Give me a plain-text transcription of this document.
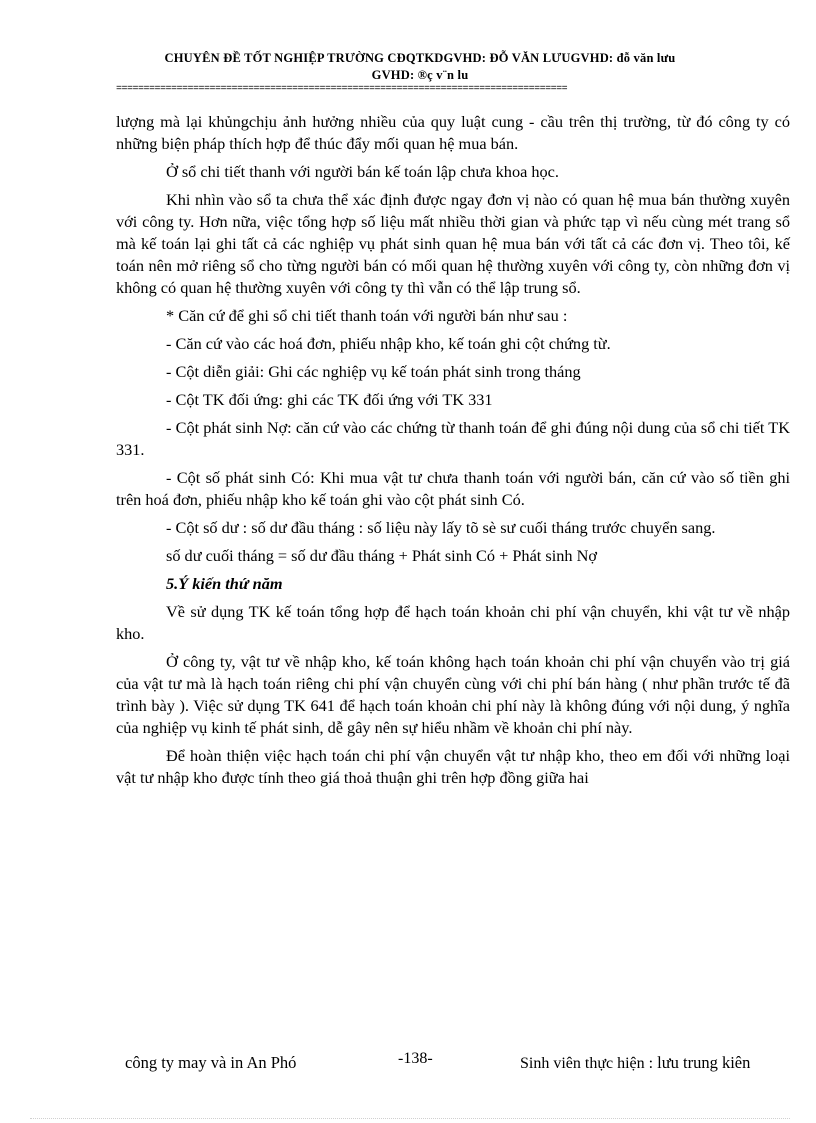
CHUYÊN ĐỀ TỐT NGHIỆP TRƯỜNG CĐQTKDGVHD: ĐỖ VĂN LƯUGVHD: đỗ văn lưu
GVHD: ®ç v¨n lu
==================================================================================

lượng mà lại khủngchịu ảnh hưởng nhiều của quy luật cung - cầu trên thị trường, từ đó công ty có những biện pháp thích hợp để thúc đẩy mối quan hệ mua bán.

Ở sổ chi tiết thanh với người bán kế toán lập chưa khoa học.

Khi nhìn vào sổ ta chưa thể xác định được ngay đơn vị nào có quan hệ mua bán thường xuyên với công ty. Hơn nữa, việc tổng hợp số liệu mất nhiều thời gian và phức tạp vì nếu cùng mét trang sổ mà kế toán lại ghi tất cả các nghiệp vụ phát sinh quan hệ mua bán với tất cả các đơn vị. Theo tôi, kế toán nên mở riêng sổ cho từng người bán có mối quan hệ thường xuyên với công ty, còn những đơn vị không có quan hệ thường xuyên với công ty thì vẫn có thể lập trung sổ.

* Căn cứ để ghi sổ chi tiết thanh toán với người bán như sau :

- Căn cứ vào các hoá đơn, phiếu nhập kho, kế toán ghi cột chứng từ.

- Cột diễn giải: Ghi các nghiệp vụ kế toán phát sinh trong tháng

- Cột TK đối ứng: ghi các TK đối ứng với TK 331

- Cột phát sinh Nợ: căn cứ vào các chứng từ thanh toán để ghi đúng nội dung của sổ chi tiết TK 331.

- Cột số phát sinh Có: Khi mua vật tư chưa thanh toán với người bán, căn cứ vào số tiền ghi trên hoá đơn, phiếu nhập kho kế toán ghi vào cột phát sinh Có.

- Cột số dư : số dư đầu tháng : số liệu này lấy tõ sè sư cuối tháng trước chuyển sang.

số dư cuối tháng = số dư đầu tháng + Phát sinh Có + Phát sinh Nợ

5.Ý kiến thứ năm

Về sử dụng TK kế toán tổng hợp để hạch toán khoản chi phí vận chuyển, khi vật tư về nhập kho.

Ở công ty, vật tư về nhập kho, kế toán không hạch toán khoản chi phí vận chuyển vào trị giá của vật tư mà là hạch toán riêng chi phí vận chuyển cùng với chi phí bán hàng ( như phần trước tế đã trình bày ). Việc sử dụng TK 641 để hạch toán khoản chi phí này là không đúng với nội dung, ý nghĩa của nghiệp vụ kinh tế phát sinh, dễ gây nên sự hiểu nhầm về khoản chi phí này.

Để hoàn thiện việc hạch toán chi phí vận chuyển vật tư nhập kho, theo em đối với những loại vật tư nhập kho được tính theo giá thoả thuận ghi trên hợp đồng giữa hai

công ty may và in An Phó	-138-	Sinh viên thực hiện : lưu trung kiên
